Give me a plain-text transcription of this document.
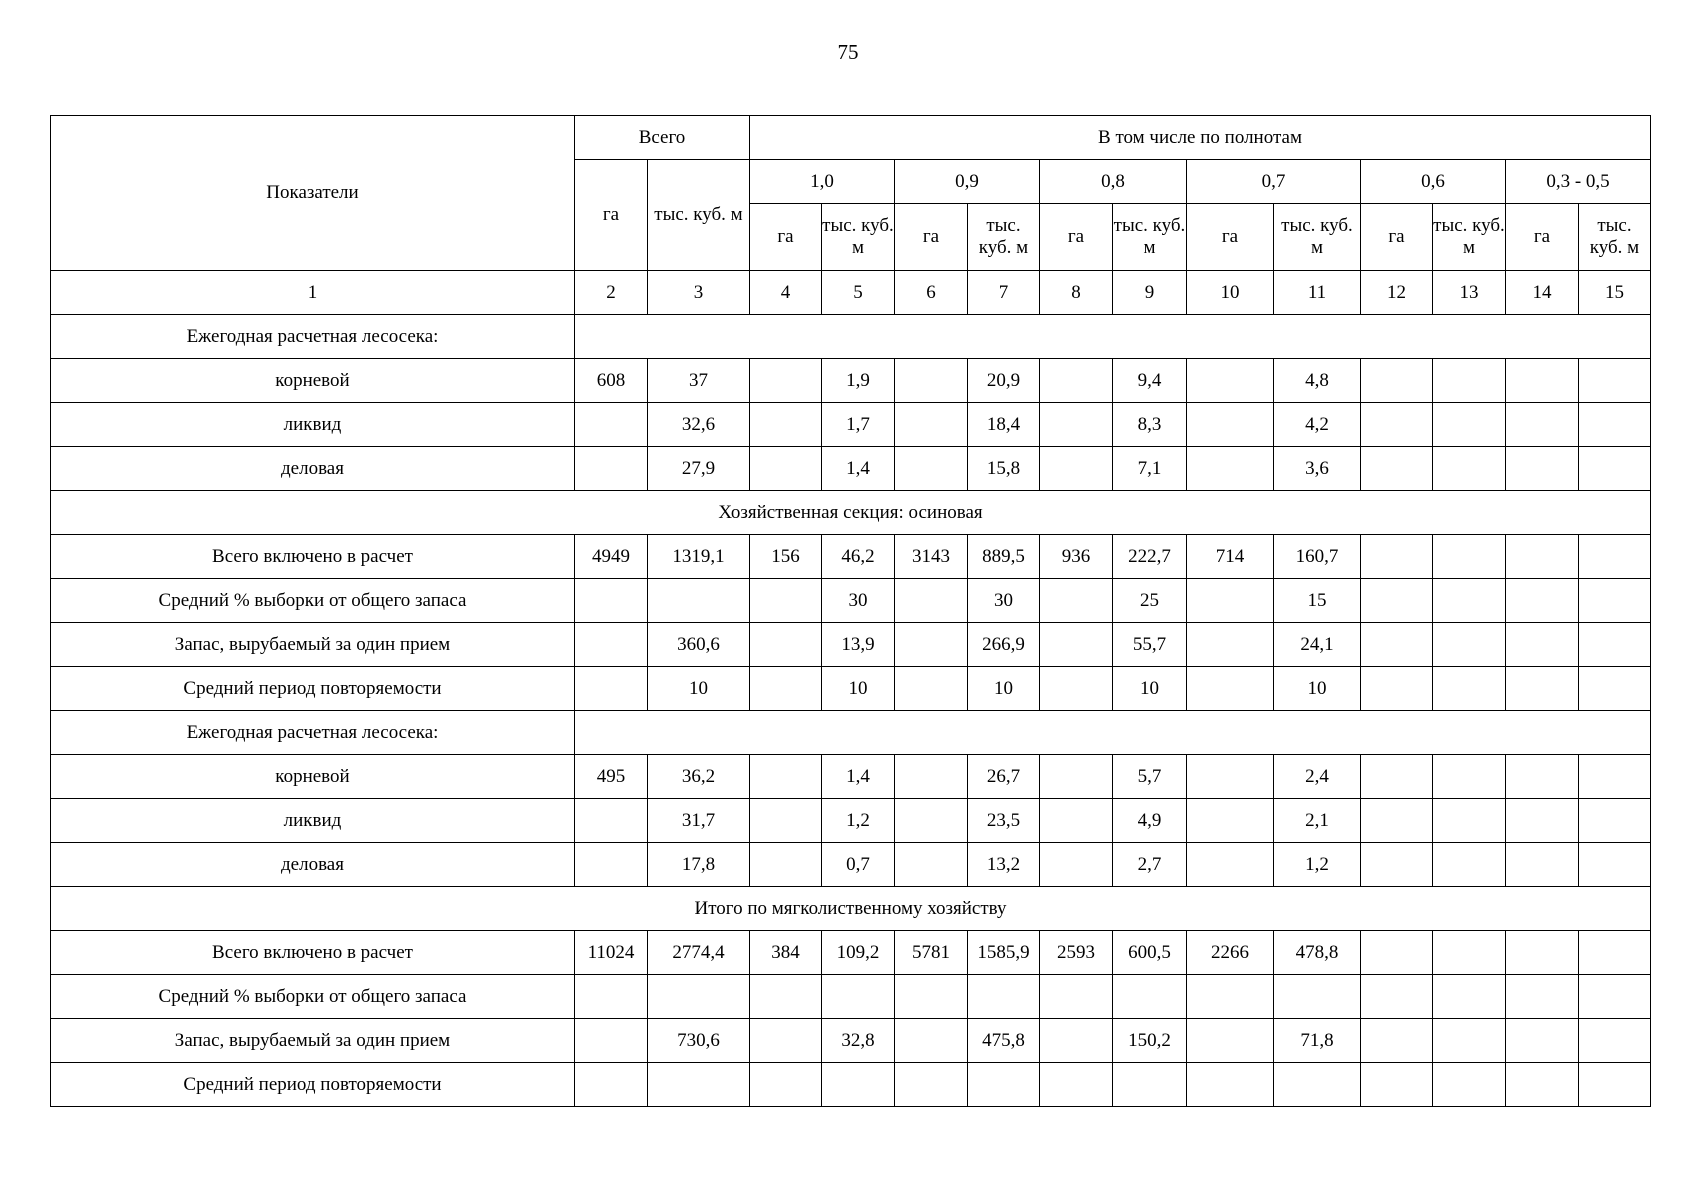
75
Показатели	Всего		В том числе по полнотам											
	га	тыс. куб. м	1,0		0,9		0,8		0,7		0,6		0,3 - 0,5	
			га	тыс. куб. м	га	тыс. куб. м	га	тыс. куб. м	га	тыс. куб. м	га	тыс. куб. м	га	тыс. куб. м
1	2	3	4	5	6	7	8	9	10	11	12	13	14	15
Ежегодная расчетная лесосека:														
корневой	608	37		1,9		20,9		9,4		4,8				
ликвид		32,6		1,7		18,4		8,3		4,2				
деловая		27,9		1,4		15,8		7,1		3,6				
Хозяйственная секция: осиновая														
Всего включено в расчет	4949	1319,1	156	46,2	3143	889,5	936	222,7	714	160,7				
Средний % выборки от общего запаса				30		30		25		15				
Запас, вырубаемый за один прием		360,6		13,9		266,9		55,7		24,1				
Средний период повторяемости		10		10		10		10		10				
Ежегодная расчетная лесосека:														
корневой	495	36,2		1,4		26,7		5,7		2,4				
ликвид		31,7		1,2		23,5		4,9		2,1				
деловая		17,8		0,7		13,2		2,7		1,2				
Итого по мягколиственному хозяйству														
Всего включено в расчет	11024	2774,4	384	109,2	5781	1585,9	2593	600,5	2266	478,8				
Средний % выборки от общего запаса														
Запас, вырубаемый за один прием		730,6		32,8		475,8		150,2		71,8				
Средний период повторяемости														
